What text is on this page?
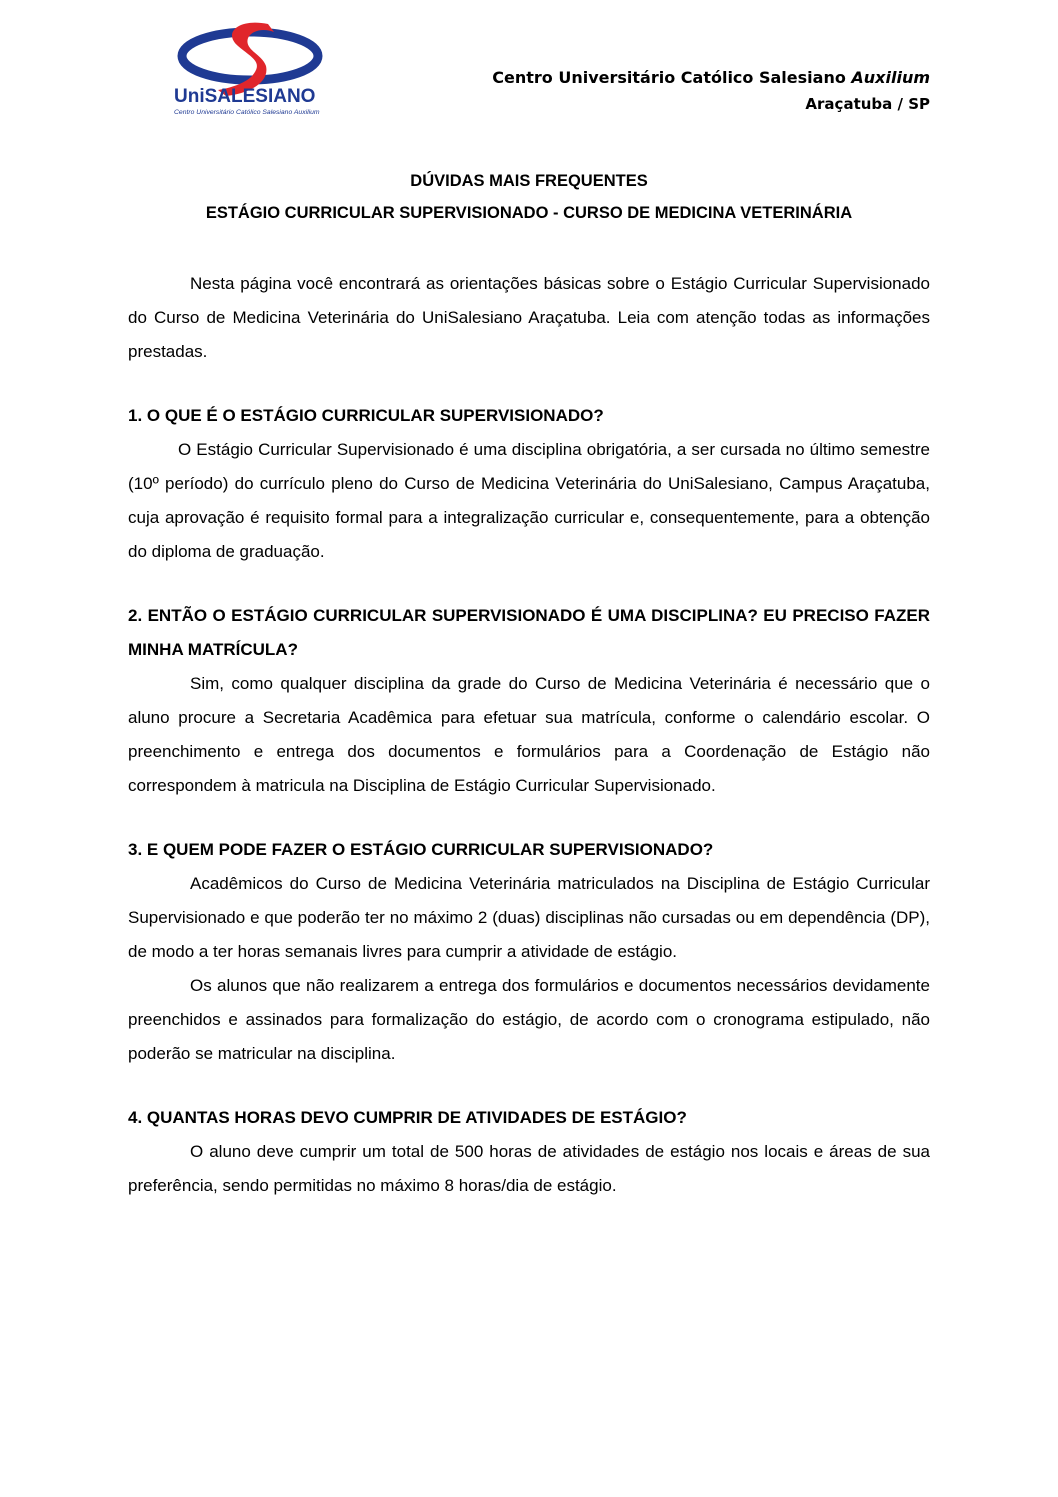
UniSALESIANO
Centro Universitário Católico Salesiano Auxilium
Centro Universitário Católico Salesiano Auxilium
Araçatuba / SP
DÚVIDAS MAIS FREQUENTES
ESTÁGIO CURRICULAR SUPERVISIONADO - CURSO DE MEDICINA VETERINÁRIA

Nesta página você encontrará as orientações básicas sobre o Estágio Curricular Supervisionado do Curso de Medicina Veterinária do UniSalesiano Araçatuba. Leia com atenção todas as informações prestadas.

1. O QUE É O ESTÁGIO CURRICULAR SUPERVISIONADO?

O Estágio Curricular Supervisionado é uma disciplina obrigatória, a ser cursada no último semestre (10º período) do currículo pleno do Curso de Medicina Veterinária do UniSalesiano, Campus Araçatuba, cuja aprovação é requisito formal para a integralização curricular e, consequentemente, para a obtenção do diploma de graduação.

2. ENTÃO O ESTÁGIO CURRICULAR SUPERVISIONADO É UMA DISCIPLINA? EU PRECISO FAZER MINHA MATRÍCULA?

Sim, como qualquer disciplina da grade do Curso de Medicina Veterinária é necessário que o aluno procure a Secretaria Acadêmica para efetuar sua matrícula, conforme o calendário escolar. O preenchimento e entrega dos documentos e formulários para a Coordenação de Estágio não correspondem à matricula na Disciplina de Estágio Curricular Supervisionado.

3. E QUEM PODE FAZER O ESTÁGIO CURRICULAR SUPERVISIONADO?

Acadêmicos do Curso de Medicina Veterinária matriculados na Disciplina de Estágio Curricular Supervisionado e que poderão ter no máximo 2 (duas) disciplinas não cursadas ou em dependência (DP), de modo a ter horas semanais livres para cumprir a atividade de estágio.

Os alunos que não realizarem a entrega dos formulários e documentos necessários devidamente preenchidos e assinados para formalização do estágio, de acordo com o cronograma estipulado, não poderão se matricular na disciplina.

4. QUANTAS HORAS DEVO CUMPRIR DE ATIVIDADES DE ESTÁGIO?

O aluno deve cumprir um total de 500 horas de atividades de estágio nos locais e áreas de sua preferência, sendo permitidas no máximo 8 horas/dia de estágio.
